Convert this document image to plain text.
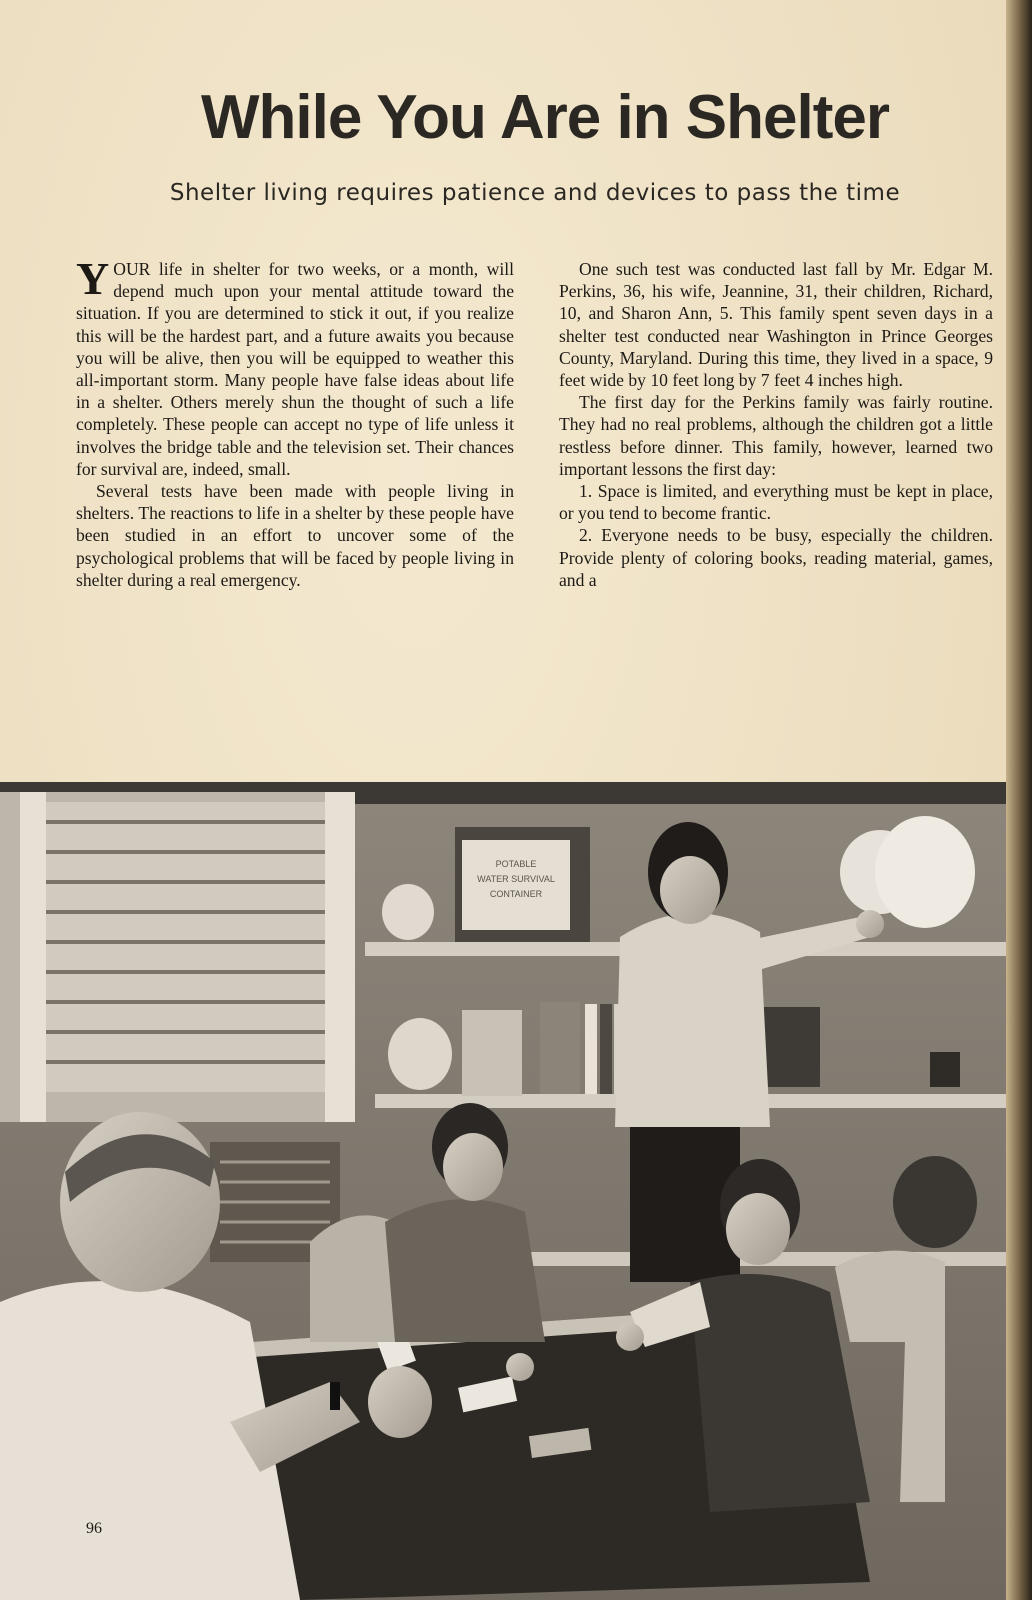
While You Are in Shelter
Shelter living requires patience and devices to pass the time

YOUR life in shelter for two weeks, or a month, will depend much upon your mental attitude toward the situation. If you are determined to stick it out, if you realize this will be the hardest part, and a future awaits you because you will be alive, then you will be equipped to weather this all-important storm. Many people have false ideas about life in a shelter. Others merely shun the thought of such a life completely. These people can accept no type of life unless it involves the bridge table and the television set. Their chances for survival are, indeed, small.

Several tests have been made with people living in shelters. The reactions to life in a shelter by these people have been studied in an effort to uncover some of the psychological problems that will be faced by people living in shelter during a real emergency.

One such test was conducted last fall by Mr. Edgar M. Perkins, 36, his wife, Jeannine, 31, their children, Richard, 10, and Sharon Ann, 5. This family spent seven days in a shelter test conducted near Washington in Prince Georges County, Maryland. During this time, they lived in a space, 9 feet wide by 10 feet long by 7 feet 4 inches high.

The first day for the Perkins family was fairly routine. They had no real problems, although the children got a little restless before dinner. This family, however, learned two important lessons the first day:

1. Space is limited, and everything must be kept in place, or you tend to become frantic.

2. Everyone needs to be busy, especially the children. Provide plenty of coloring books, reading material, games, and a

POTABLE
WATER SURVIVAL
CONTAINER
96
